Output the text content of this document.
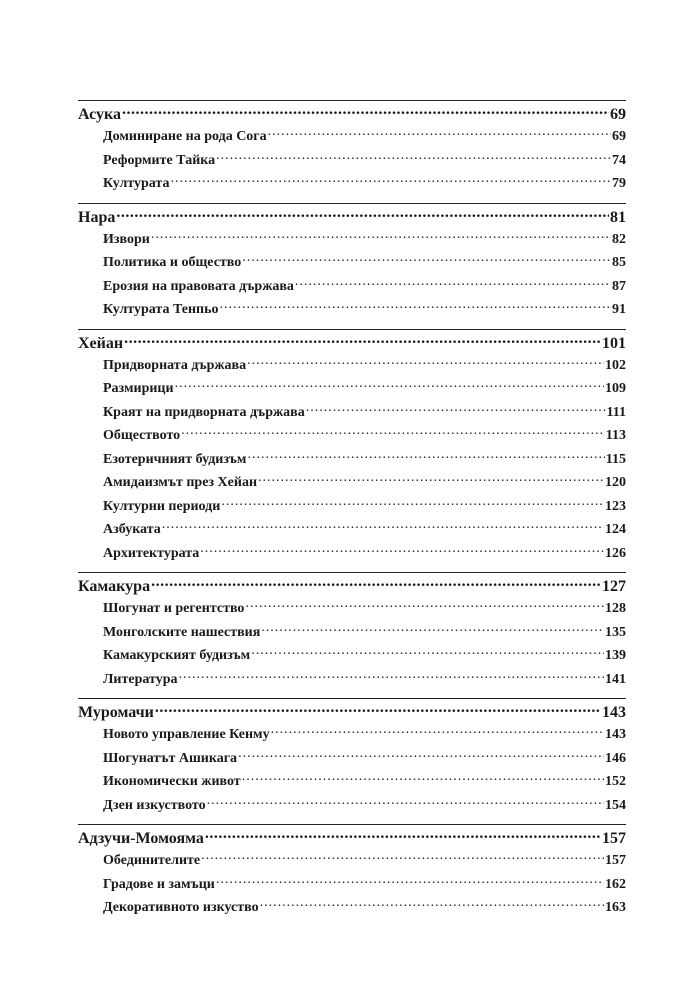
Асука .....	69
Доминиране на рода Сога .....	69
Реформите Тайка .....	74
Културата .....	79
Нара .....	81
Извори .....	82
Политика и общество .....	85
Ерозия на правовата държава .....	87
Културата Тенпьо .....	91
Хейан .....	101
Придворната държава .....	102
Размирици .....	109
Краят на придворната държава .....	111
Обществото .....	113
Езотеричният будизъм .....	115
Амидаизмът през Хейан .....	120
Културни периоди .....	123
Азбуката .....	124
Архитектурата .....	126
Камакура .....	127
Шогунат и регентство .....	128
Монголските нашествия .....	135
Камакурският будизъм .....	139
Литература .....	141
Муромачи .....	143
Новото управление Кенму .....	143
Шогунатът Ашикага .....	146
Икономически живот .....	152
Дзен изкуството .....	154
Адзучи-Момояма .....	157
Обединителите .....	157
Градове и замъци .....	162
Декоративното изкуство .....	163
